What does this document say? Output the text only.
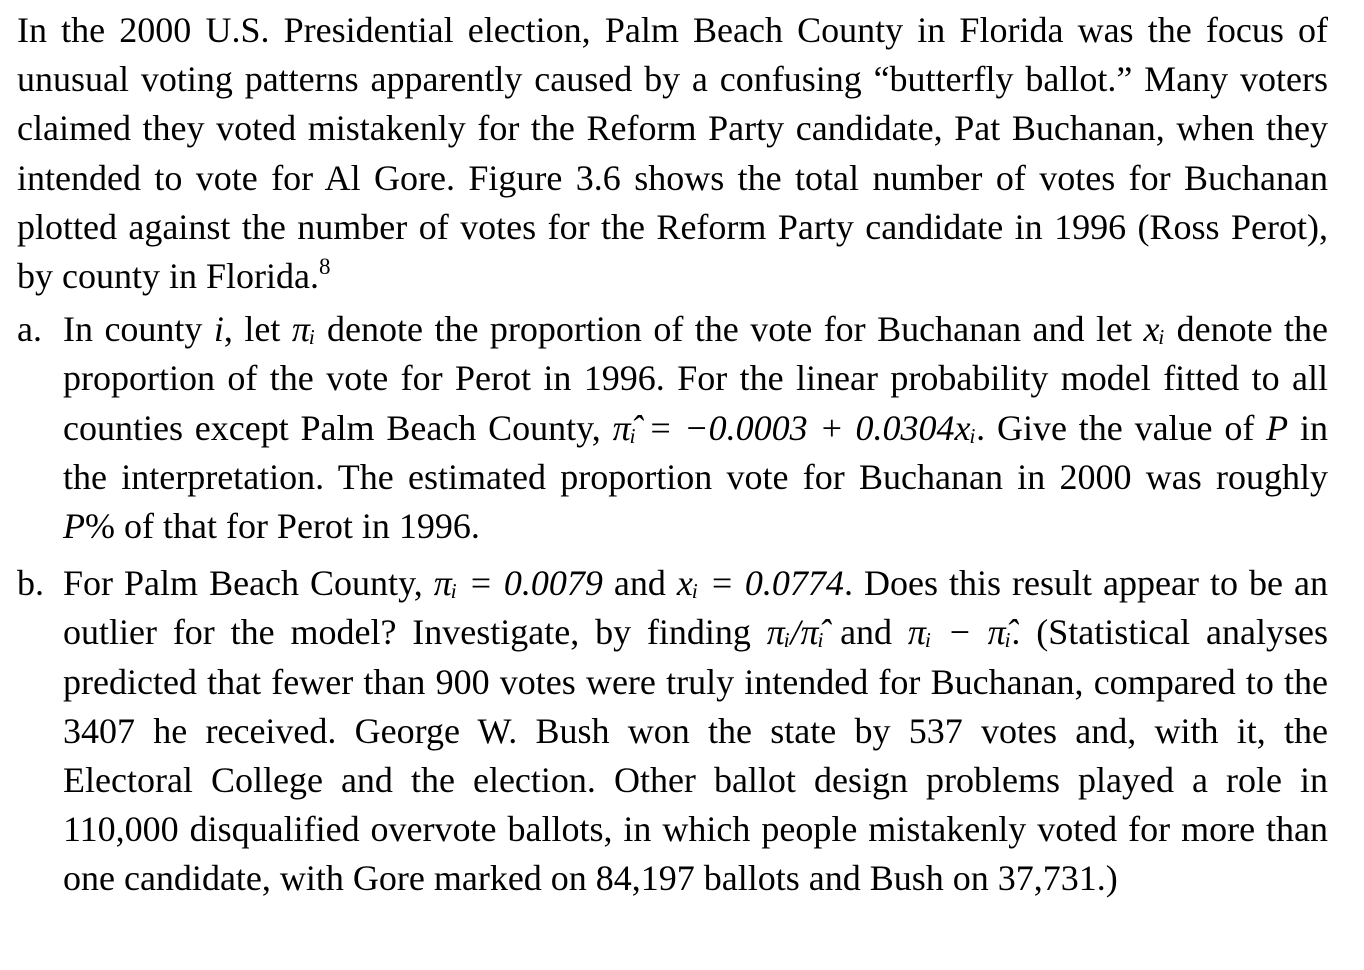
In the 2000 U.S. Presidential election, Palm Beach County in Florida was the focus of unusual voting patterns apparently caused by a confusing “butterfly ballot.” Many voters claimed they voted mistakenly for the Reform Party candidate, Pat Buchanan, when they intended to vote for Al Gore. Figure 3.6 shows the total number of votes for Buchanan plotted against the number of votes for the Reform Party candidate in 1996 (Ross Perot), by county in Florida.$^8$

a. In county i, let πᵢ denote the proportion of the vote for Buchanan and let xᵢ denote the proportion of the vote for Perot in 1996. For the linear probability model fitted to all counties except Palm Beach County, π̂ᵢ = −0.0003 + 0.0304xᵢ. Give the value of P in the interpretation. The estimated proportion vote for Buchanan in 2000 was roughly P% of that for Perot in 1996.
b. For Palm Beach County, πᵢ = 0.0079 and xᵢ = 0.0774. Does this result appear to be an outlier for the model? Investigate, by finding πᵢ/π̂ᵢ and πᵢ − π̂ᵢ. (Statistical analyses predicted that fewer than 900 votes were truly intended for Buchanan, compared to the 3407 he received. George W. Bush won the state by 537 votes and, with it, the Electoral College and the election. Other ballot design problems played a role in 110,000 disqualified overvote ballots, in which people mistakenly voted for more than one candidate, with Gore marked on 84,197 ballots and Bush on 37,731.)
